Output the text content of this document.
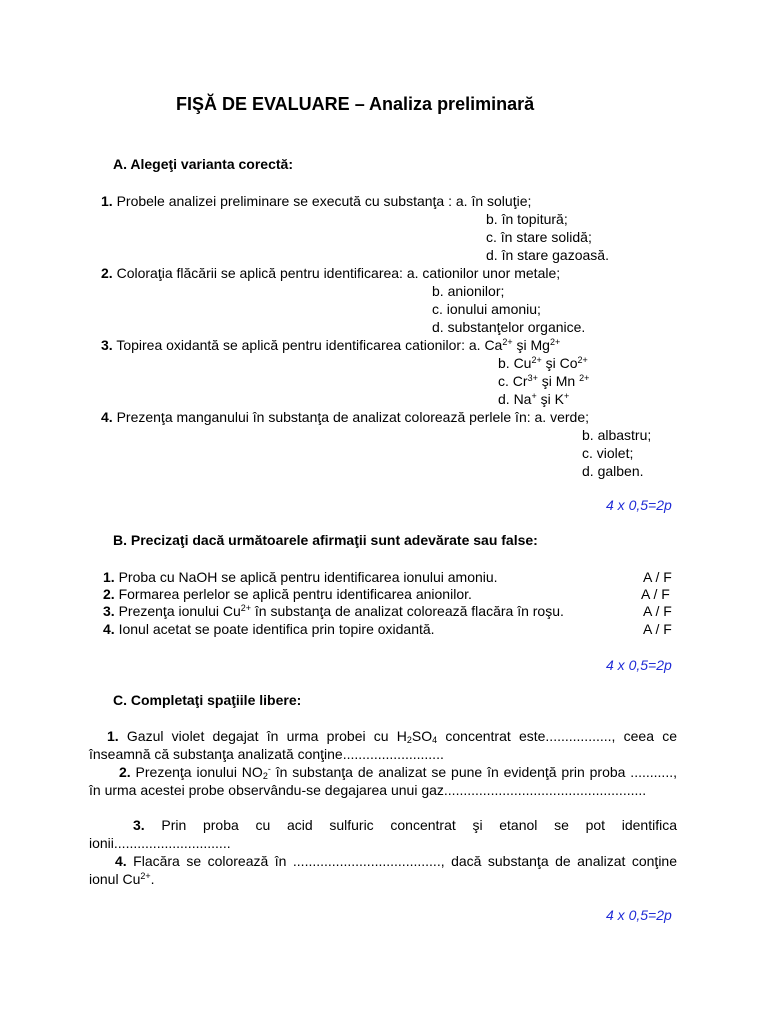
FIŞĂ DE EVALUARE – Analiza preliminară
A. Alegeţi varianta corectă:
1. Probele analizei preliminare se execută cu substanţa : a. în soluţie;
b. în topitură;
c. în stare solidă;
d. în stare gazoasă.
2. Coloraţia flăcării se aplică pentru identificarea: a. cationilor unor metale;
b. anionilor;
c. ionului amoniu;
d. substanţelor organice.
3. Topirea oxidantă se aplică pentru identificarea cationilor: a. $Ca^{2+}$ şi $Mg^{2+}$
b. $Cu^{2+}$ şi $Co^{2+}$
c. $Cr^{3+}$ şi Mn $^{2+}$
d. Na+ şi K+
4. Prezenţa manganului în substanţa de analizat colorează perlele în: a. verde;
b. albastru;
c. violet;
d. galben.
4 x 0,5=2p
B. Precizaţi dacă următoarele afirmaţii sunt adevărate sau false:
1. Proba cu NaOH se aplică pentru identificarea ionului amoniu.	A / F
2. Formarea perlelor se aplică pentru identificarea anionilor.	A / F
3. Prezenţa ionului $Cu^{2+}$ în substanţa de analizat colorează flacăra în roşu.	A / F
4. Ionul acetat se poate identifica prin topire oxidantă.	A / F
4 x 0,5=2p
C. Completaţi spaţiile libere:
1. Gazul violet degajat în urma probei cu $H_2SO_4$ concentrat este................., ceea ce înseamnă că substanţa analizată conţine..........................
2. Prezenţa ionului $NO_2^-$ în substanţa de analizat se pune în evidenţă prin proba ..........., în urma acestei probe observându-se degajarea unui gaz....................................................
3. Prin proba cu acid sulfuric concentrat şi etanol se pot identifica ionii..............................
4. Flacăra se colorează în ......................................, dacă substanţa de analizat conţine ionul $Cu^{2+}$.
4 x 0,5=2p
